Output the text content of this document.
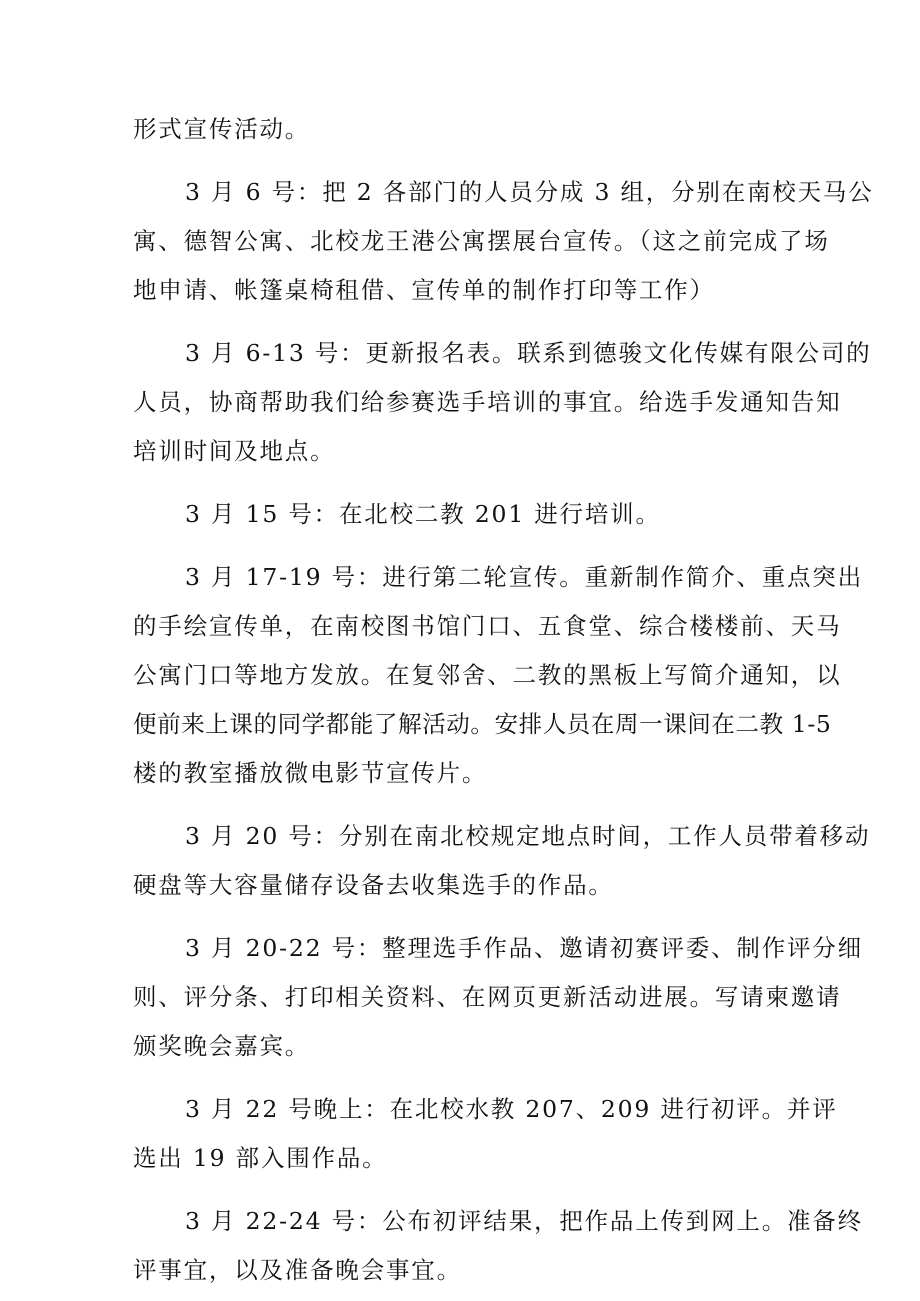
形式宣传活动。
3 月 6 号：把 2 各部门的人员分成 3 组，分别在南校天马公
寓、德智公寓、北校龙王港公寓摆展台宣传。（这之前完成了场
地申请、帐篷桌椅租借、宣传单的制作打印等工作）
3 月 6-13 号：更新报名表。联系到德骏文化传媒有限公司的
人员，协商帮助我们给参赛选手培训的事宜。给选手发通知告知
培训时间及地点。
3 月 15 号：在北校二教 201 进行培训。
3 月 17-19 号：进行第二轮宣传。重新制作简介、重点突出
的手绘宣传单，在南校图书馆门口、五食堂、综合楼楼前、天马
公寓门口等地方发放。在复邻舍、二教的黑板上写简介通知，以
便前来上课的同学都能了解活动。安排人员在周一课间在二教 1-5
楼的教室播放微电影节宣传片。
3 月 20 号：分别在南北校规定地点时间，工作人员带着移动
硬盘等大容量储存设备去收集选手的作品。
3 月 20-22 号：整理选手作品、邀请初赛评委、制作评分细
则、评分条、打印相关资料、在网页更新活动进展。写请柬邀请
颁奖晚会嘉宾。
3 月 22 号晚上：在北校水教 207、209 进行初评。并评
选出 19 部入围作品。
3 月 22-24 号：公布初评结果，把作品上传到网上。准备终
评事宜，以及准备晚会事宜。
